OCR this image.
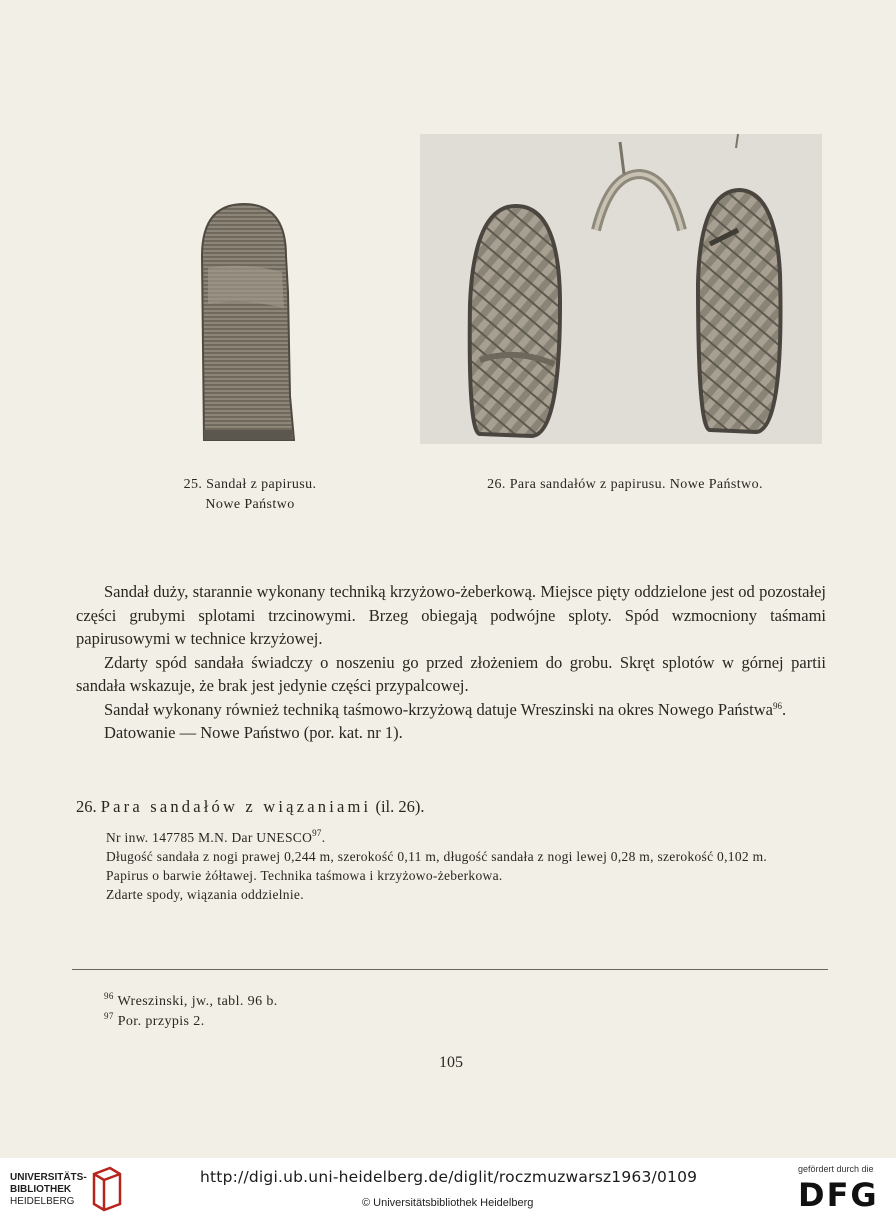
25. Sandał z papirusu.
Nowe Państwo
26. Para sandałów z papirusu. Nowe Państwo.

Sandał duży, starannie wykonany techniką krzyżowo-żeberkową. Miejsce pięty oddzielone jest od pozostałej części grubymi splotami trzcinowymi. Brzeg obiegają podwójne sploty. Spód wzmocniony taśmami papirusowymi w technice krzyżowej.

Zdarty spód sandała świadczy o noszeniu go przed złożeniem do grobu. Skręt splotów w górnej partii sandała wskazuje, że brak jest jedynie części przypalcowej.

Sandał wykonany również techniką taśmowo-krzyżową datuje Wreszinski na okres Nowego Państwa$^{96}$.

Datowanie — Nowe Państwo (por. kat. nr 1).

26. Para sandałów z wiązaniami (il. 26).

Nr inw. 147785 M.N. Dar UNESCO$^{97}$.

Długość sandała z nogi prawej 0,244 m, szerokość 0,11 m, długość sandała z nogi lewej 0,28 m, szerokość 0,102 m.

Papirus o barwie żółtawej. Technika taśmowa i krzyżowo-żeberkowa.

Zdarte spody, wiązania oddzielnie.

$^{96}$ Wreszinski, jw., tabl. 96 b.

$^{97}$ Por. przypis 2.

105
UNIVERSITÄTS-
BIBLIOTHEK
HEIDELBERG
http://digi.ub.uni-heidelberg.de/diglit/roczmuzwarsz1963/0109
© Universitätsbibliothek Heidelberg
gefördert durch die
DFG
